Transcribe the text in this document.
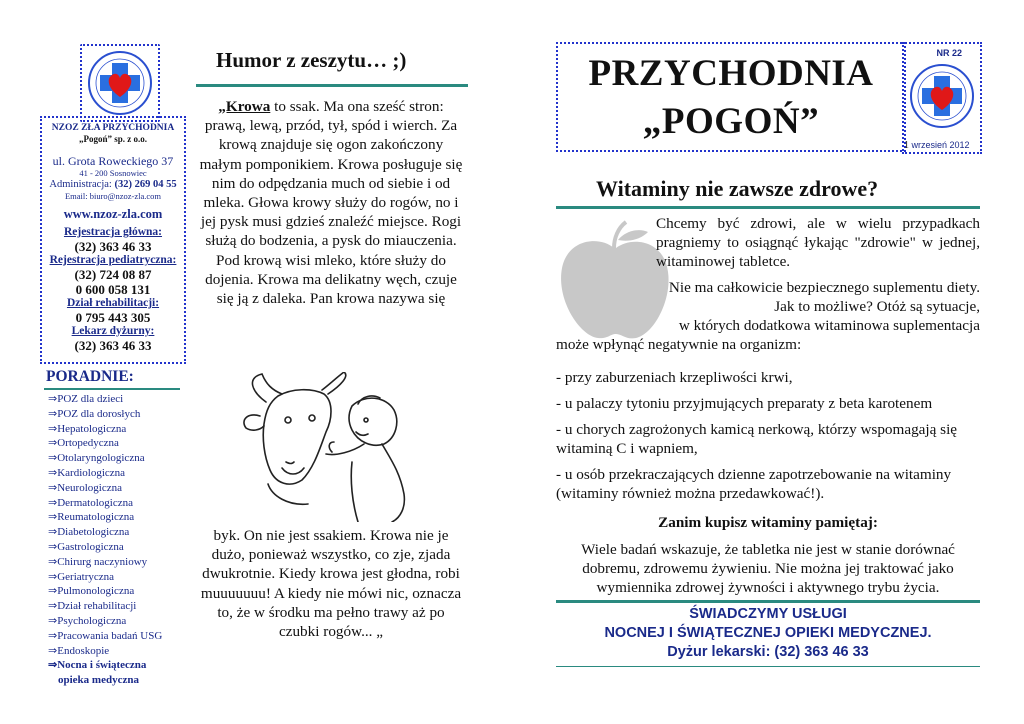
NZOZ ZŁA PRZYCHODNIA
„Pogoń” sp. z o.o.
ul. Grota Roweckiego 37
41 - 200 Sosnowiec
Administracja: (32) 269 04 55
Email: biuro@nzoz-zla.com
www.nzoz-zla.com
Rejestracja główna:
(32) 363 46 33
Rejestracja pediatryczna:
(32) 724 08 87
0 600 058 131
Dział rehabilitacji:
0 795 443 305
Lekarz dyżurny:
(32) 363 46 33
PORADNIE:
⇒POZ dla dzieci
⇒POZ dla dorosłych
⇒Hepatologiczna
⇒Ortopedyczna
⇒Otolaryngologiczna
⇒Kardiologiczna
⇒Neurologiczna
⇒Dermatologiczna
⇒Reumatologiczna
⇒Diabetologiczna
⇒Gastrologiczna
⇒Chirurg naczyniowy
⇒Geriatryczna
⇒Pulmonologiczna
⇒Dział rehabilitacji
⇒Psychologiczna
⇒Pracowania badań USG
⇒Endoskopie
⇒Nocna i świąteczna
opieka medyczna
Humor z zeszytu… ;)
„Krowa to ssak. Ma ona sześć stron: prawą, lewą, przód, tył, spód i wierch. Za krową znajduje się ogon zakończony małym pomponikiem. Krowa posługuje się nim do odpędzania much od siebie i od mleka. Głowa krowy służy do rogów, no i jej pysk musi gdzieś znaleźć miejsce. Rogi służą do bodzenia, a pysk do miauczenia. Pod krową wisi mleko, które służy do dojenia. Krowa ma delikatny węch, czuje się ją z daleka. Pan krowa nazywa się
byk. On nie jest ssakiem. Krowa nie je dużo, ponieważ wszystko, co zje, zjada dwukrotnie. Kiedy krowa jest głodna, robi muuuuuuu! A kiedy nie mówi nic, oznacza to, że w środku ma pełno trawy aż po czubki rogów... „
PRZYCHODNIA
„POGOŃ”
NR 22
1 wrzesień 2012
Witaminy nie zawsze zdrowe?
Chcemy być zdrowi, ale w wielu przypadkach pragniemy to osiągnąć łykając "zdrowie" w jednej, witaminowej tabletce.
Nie ma całkowicie bezpiecznego suplementu diety. Jak to możliwe? Otóż są sytuacje,
w których dodatkowa witaminowa suplementacja
może wpłynąć negatywnie na organizm:
- przy zaburzeniach krzepliwości krwi,
- u palaczy tytoniu przyjmujących preparaty z beta karotenem
- u chorych zagrożonych kamicą nerkową, którzy wspomagają się witaminą C i wapniem,
- u osób przekraczających dzienne zapotrzebowanie na witaminy (witaminy również można przedawkować!).
Zanim kupisz witaminy pamiętaj:
Wiele badań wskazuje, że tabletka nie jest w stanie dorównać dobremu, zdrowemu żywieniu. Nie można jej traktować jako wymiennika zdrowej żywności i aktywnego trybu życia.
ŚWIADCZYMY USŁUGI
NOCNEJ I ŚWIĄTECZNEJ OPIEKI MEDYCZNEJ.
Dyżur lekarski: (32) 363 46 33
